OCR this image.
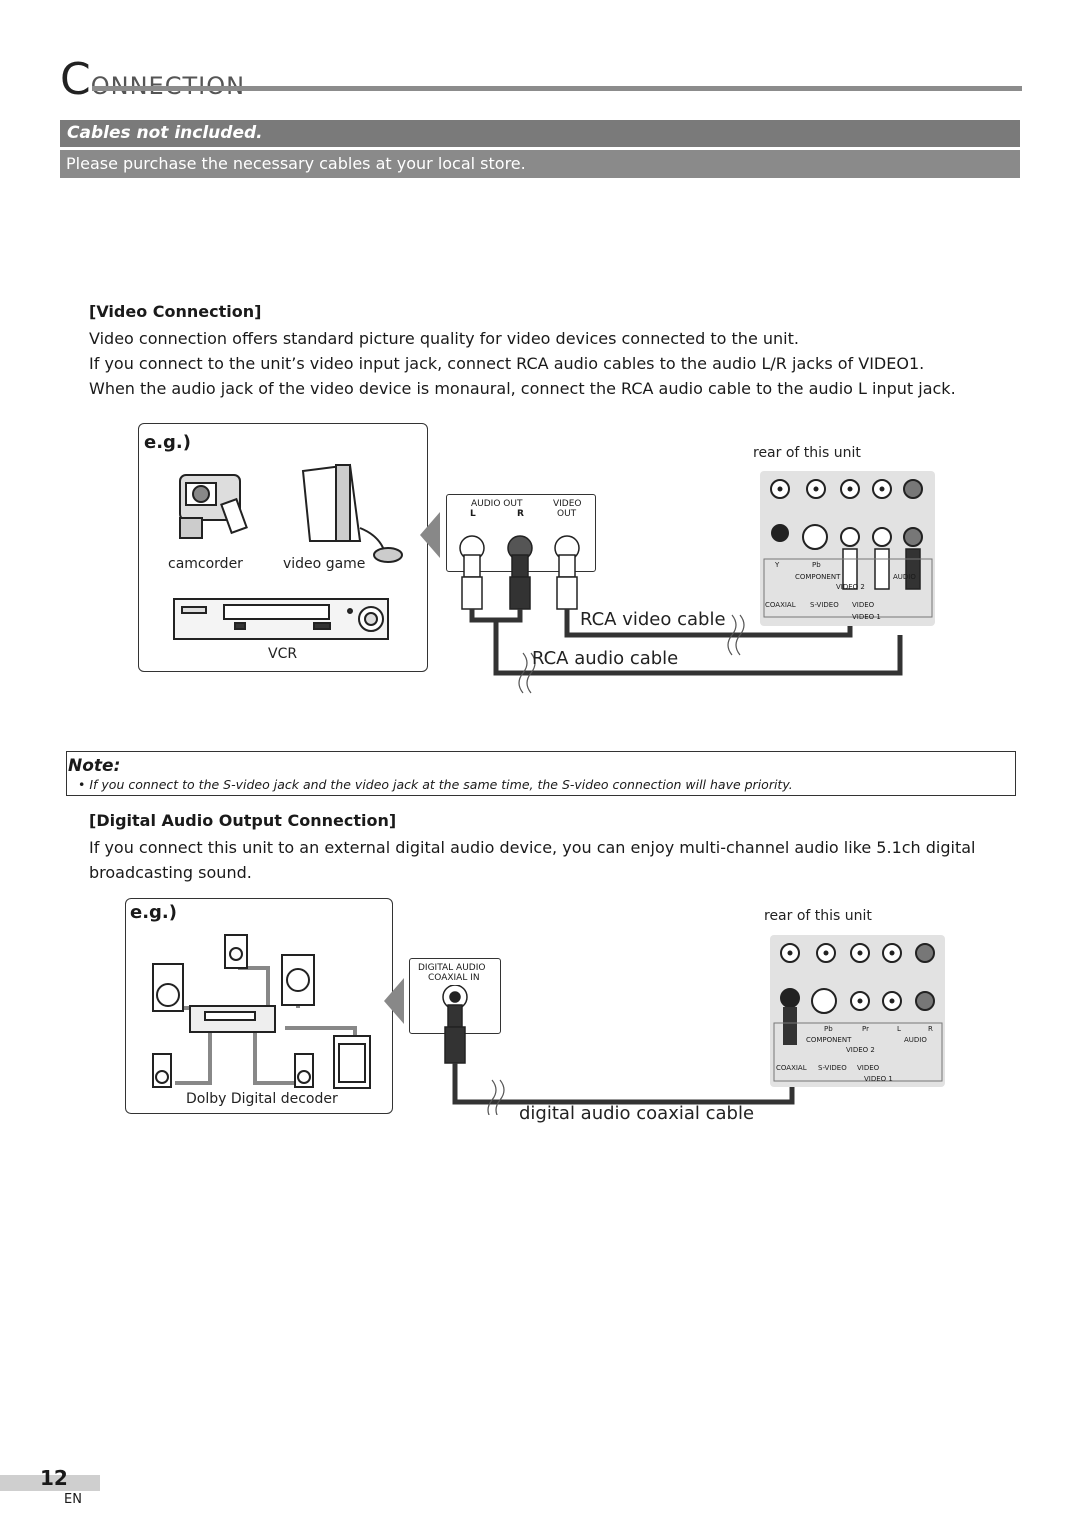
C
Cables not included.
Please purchase the necessary cables at your local store.
[Video Connection]
Video connection offers standard picture quality for video devices connected to the unit.
If you connect to the unit’s video input jack, connect RCA audio cables to the audio L/R jacks of VIDEO1.
When the audio jack of the video device is monaural, connect the RCA audio cable to the audio L input jack.
e.g.)
camcorder	video game
VCR
AUDIO OUT
L	R
VIDEO
OUT
RCA video cable
RCA audio cable
rear of this unit
Y	Pb
COMPONENT	AUDIO
VIDEO 2
COAXIAL S-VIDEO VIDEO
VIDEO 1
Note:
• If you connect to the S-video jack and the video jack at the same time, the S-video connection will have priority.
[Digital Audio Output Connection]
If you connect this unit to an external digital audio device, you can enjoy multi-channel audio like 5.1ch digital
broadcasting sound.
e.g.)
Dolby Digital decoder
DIGITAL AUDIO
COAXIAL IN
digital audio coaxial cable
rear of this unit
Pb	Pr	L	R
COMPONENT	AUDIO
VIDEO 2
COAXIAL S-VIDEO VIDEO
VIDEO 1
12
EN
